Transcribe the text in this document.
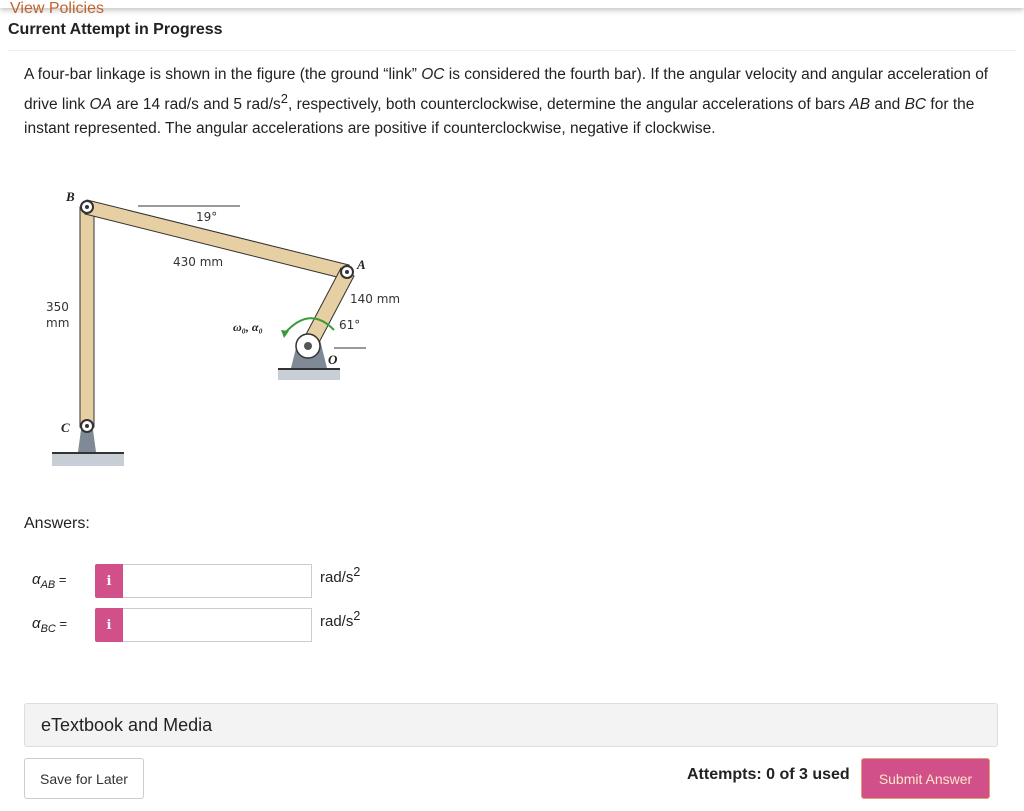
View Policies
Current Attempt in Progress
A four-bar linkage is shown in the figure (the ground “link” OC is considered the fourth bar). If the angular velocity and angular acceleration of drive link OA are 14 rad/s and 5 rad/$s^2$, respectively, both counterclockwise, determine the angular accelerations of bars AB and BC for the instant represented. The angular accelerations are positive if counterclockwise, negative if clockwise.
B
A
C
O
ω₀, α₀
19°
430 mm
140 mm
61°
350
mm
Answers:
$\alpha_{AB}$ =	i	rad/$s^2$
$\alpha_{BC}$ =	i	rad/$s^2$
eTextbook and Media
Save for Later	Attempts: 0 of 3 used	Submit Answer
